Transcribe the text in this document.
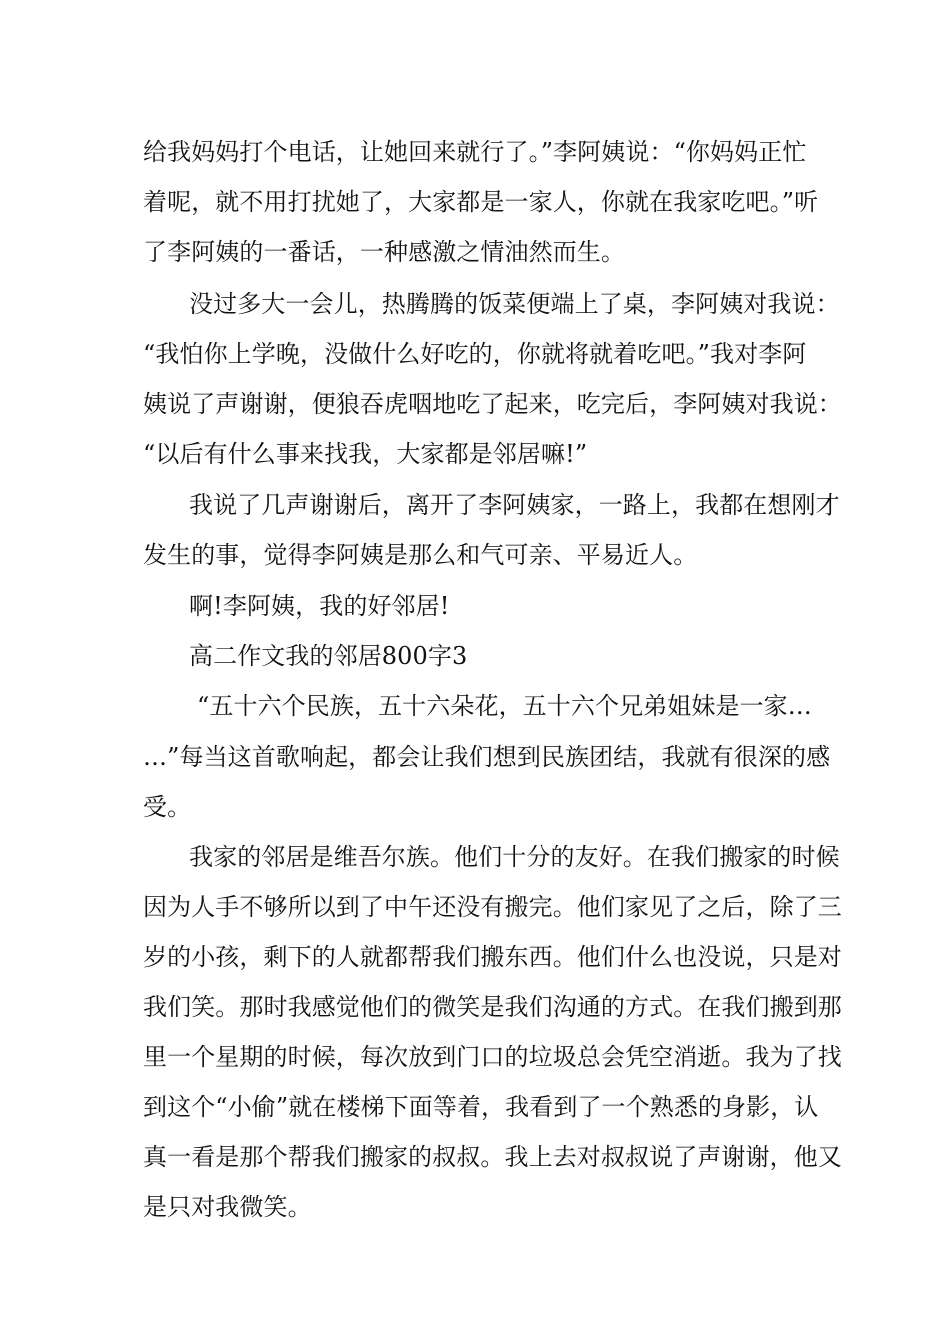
给我妈妈打个电话，让她回来就行了。”李阿姨说：“你妈妈正忙
着呢，就不用打扰她了，大家都是一家人，你就在我家吃吧。”听
了李阿姨的一番话，一种感激之情油然而生。
没过多大一会儿，热腾腾的饭菜便端上了桌，李阿姨对我说：
“我怕你上学晚，没做什么好吃的，你就将就着吃吧。”我对李阿
姨说了声谢谢，便狼吞虎咽地吃了起来，吃完后，李阿姨对我说：
“以后有什么事来找我，大家都是邻居嘛!”
我说了几声谢谢后，离开了李阿姨家，一路上，我都在想刚才
发生的事，觉得李阿姨是那么和气可亲、平易近人。
啊!李阿姨，我的好邻居!
高二作文我的邻居800字3
“五十六个民族，五十六朵花，五十六个兄弟姐妹是一家…
…”每当这首歌响起，都会让我们想到民族团结，我就有很深的感
受。
我家的邻居是维吾尔族。他们十分的友好。在我们搬家的时候
因为人手不够所以到了中午还没有搬完。他们家见了之后，除了三
岁的小孩，剩下的人就都帮我们搬东西。他们什么也没说，只是对
我们笑。那时我感觉他们的微笑是我们沟通的方式。在我们搬到那
里一个星期的时候，每次放到门口的垃圾总会凭空消逝。我为了找
到这个“小偷”就在楼梯下面等着，我看到了一个熟悉的身影，认
真一看是那个帮我们搬家的叔叔。我上去对叔叔说了声谢谢，他又
是只对我微笑。
